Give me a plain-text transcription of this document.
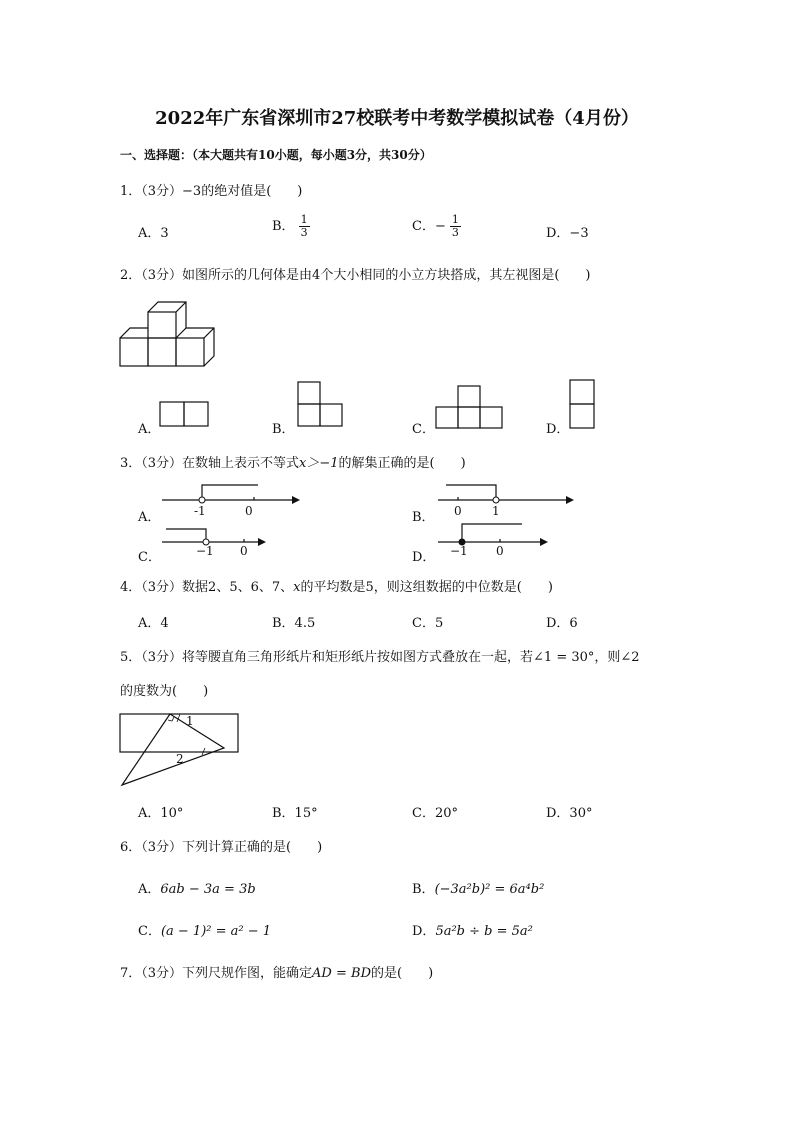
2022年广东省深圳市27校联考中考数学模拟试卷（4月份）
一、选择题：（本大题共有10小题，每小题3分，共30分）
1．（3分）−3的绝对值是(　　)
A．3	B． $\frac{1}{3}$	C．− $\frac{1}{3}$	D．−3
2．（3分）如图所示的几何体是由4个大小相同的小立方块搭成，其左视图是(　　)
A．	B．	C．	D．
3．（3分）在数轴上表示不等式x＞−1的解集正确的是(　　)
A．	-1	0	B． 0	1
C．	−1 0	D． −1 0
4．（3分）数据2、5、6、7、x的平均数是5，则这组数据的中位数是(　　)
A．4	B．4.5	C．5	D．6
5．（3分）将等腰直角三角形纸片和矩形纸片按如图方式叠放在一起，若∠1 = 30°，则∠2
的度数为(　　)
1
2
A．10°	B．15°	C．20°	D．30°
6．（3分）下列计算正确的是(　　)
A．6ab − 3a = 3b	B．(−3a²b)² = 6a⁴b²
C．(a − 1)² = a² − 1	D．5a²b ÷ b = 5a²
7．（3分）下列尺规作图，能确定AD = BD的是(　　)
